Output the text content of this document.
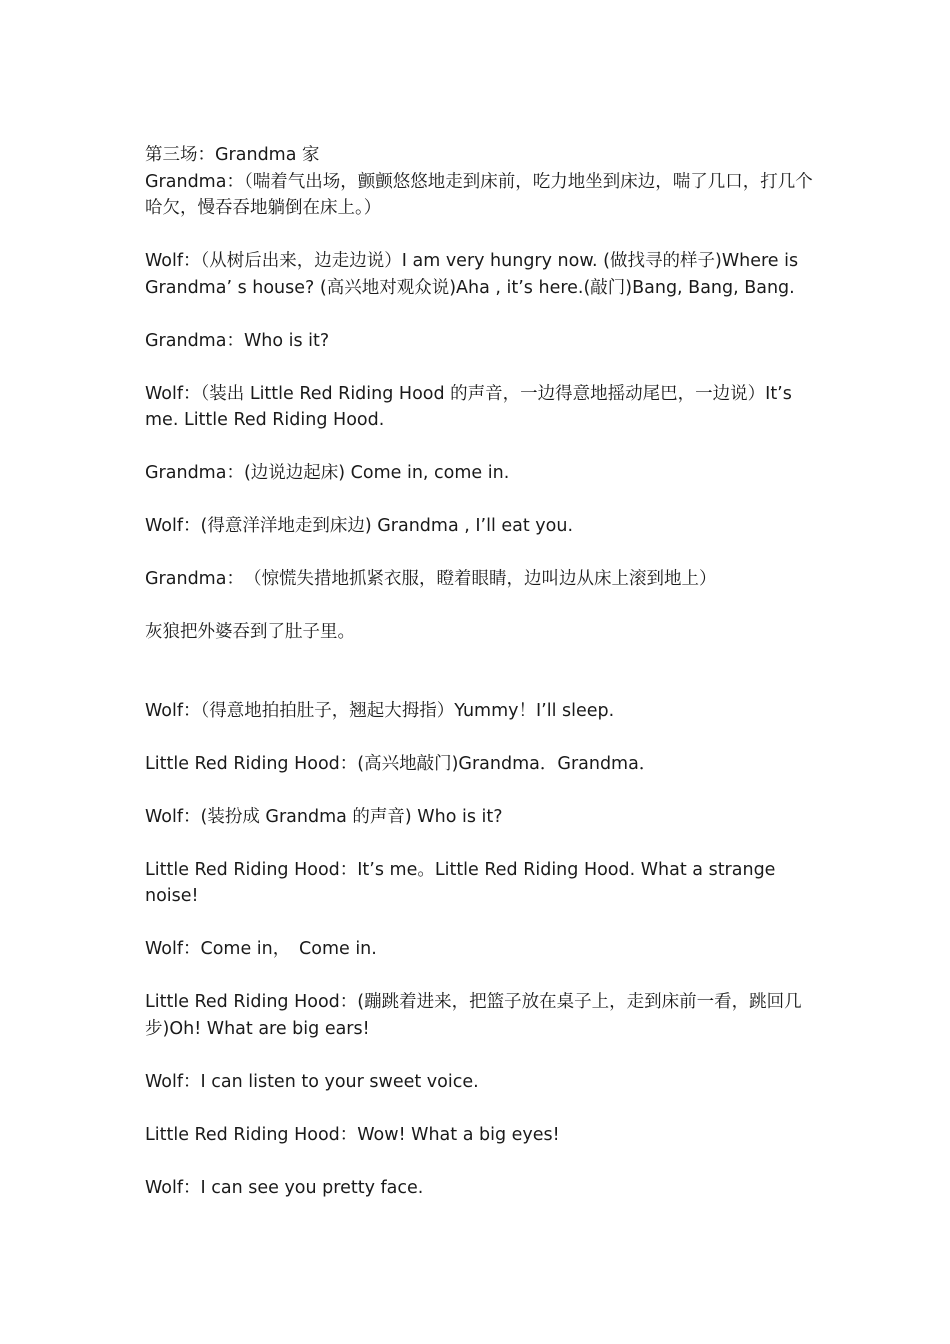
第三场：Grandma 家

Grandma：（喘着气出场，颤颤悠悠地走到床前，吃力地坐到床边，喘了几口，打几个哈欠，慢吞吞地躺倒在床上。）

Wolf：（从树后出来，边走边说）I am very hungry now. (做找寻的样子)Where is Grandma’ s house? (高兴地对观众说)Aha , it’s here.(敲门)Bang, Bang, Bang.

Grandma：Who is it?

Wolf：（装出 Little Red Riding Hood 的声音，一边得意地摇动尾巴，一边说）It’s me. Little Red Riding Hood.

Grandma：(边说边起床) Come in, come in.

Wolf：(得意洋洋地走到床边) Grandma , I’ll eat you.

Grandma：　（惊慌失措地抓紧衣服，瞪着眼睛，边叫边从床上滚到地上）

灰狼把外婆吞到了肚子里。

Wolf：（得意地拍拍肚子，翘起大拇指）Yummy！I’ll sleep.

Little Red Riding Hood：(高兴地敲门)Grandma．Grandma．

Wolf：(装扮成 Grandma 的声音) Who is it?

Little Red Riding Hood：It’s me。Little Red Riding Hood. What a strange noise!

Wolf：Come in，　Come in.

Little Red Riding Hood：(蹦跳着进来，把篮子放在桌子上，走到床前一看，跳回几步)Oh! What are big ears!

Wolf：I can listen to your sweet voice.

Little Red Riding Hood：Wow! What a big eyes!

Wolf：I can see you pretty face.
